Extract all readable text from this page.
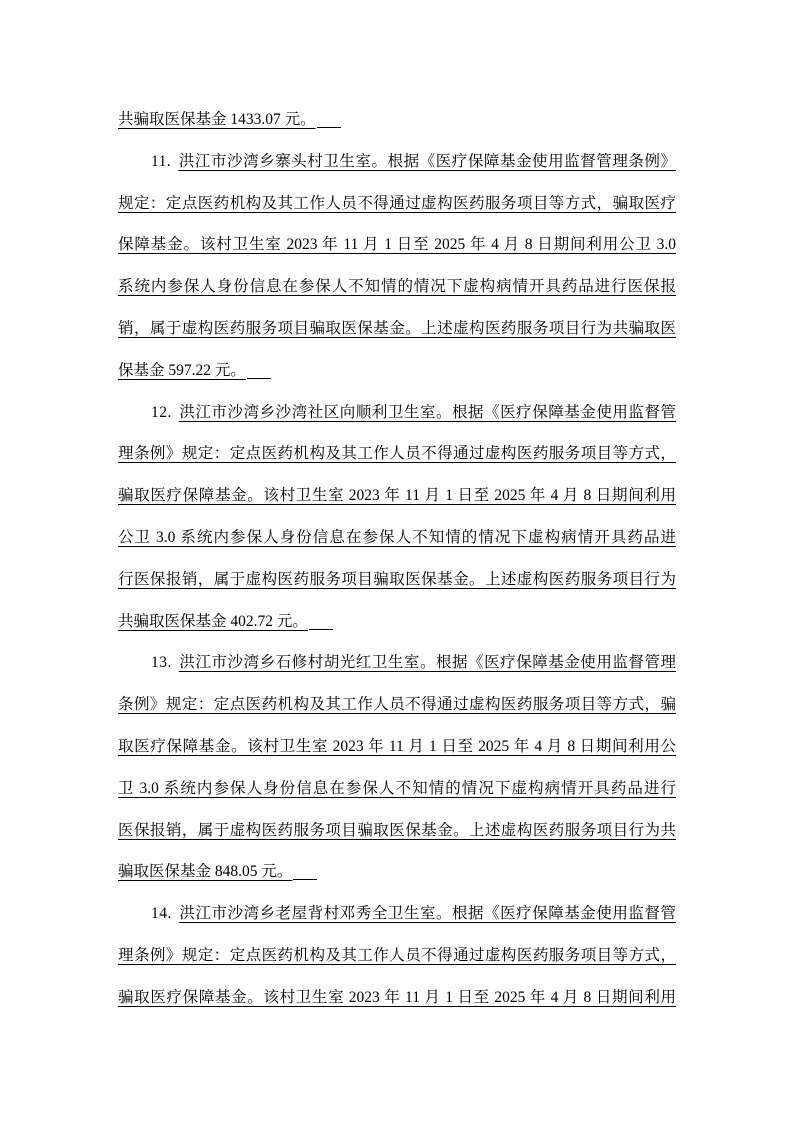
共骗取医保基金 1433.07 元。
11. 洪江市沙湾乡寨头村卫生室。根据《医疗保障基金使用监督管理条例》
规定：定点医药机构及其工作人员不得通过虚构医药服务项目等方式，骗取医疗
保障基金。该村卫生室 2023 年 11 月 1 日至 2025 年 4 月 8 日期间利用公卫 3.0
系统内参保人身份信息在参保人不知情的情况下虚构病情开具药品进行医保报
销，属于虚构医药服务项目骗取医保基金。上述虚构医药服务项目行为共骗取医
保基金 597.22 元。
12. 洪江市沙湾乡沙湾社区向顺利卫生室。根据《医疗保障基金使用监督管
理条例》规定：定点医药机构及其工作人员不得通过虚构医药服务项目等方式，
骗取医疗保障基金。该村卫生室 2023 年 11 月 1 日至 2025 年 4 月 8 日期间利用
公卫 3.0 系统内参保人身份信息在参保人不知情的情况下虚构病情开具药品进
行医保报销，属于虚构医药服务项目骗取医保基金。上述虚构医药服务项目行为
共骗取医保基金 402.72 元。
13. 洪江市沙湾乡石修村胡光红卫生室。根据《医疗保障基金使用监督管理
条例》规定：定点医药机构及其工作人员不得通过虚构医药服务项目等方式，骗
取医疗保障基金。该村卫生室 2023 年 11 月 1 日至 2025 年 4 月 8 日期间利用公
卫 3.0 系统内参保人身份信息在参保人不知情的情况下虚构病情开具药品进行
医保报销，属于虚构医药服务项目骗取医保基金。上述虚构医药服务项目行为共
骗取医保基金 848.05 元。
14. 洪江市沙湾乡老屋背村邓秀全卫生室。根据《医疗保障基金使用监督管
理条例》规定：定点医药机构及其工作人员不得通过虚构医药服务项目等方式，
骗取医疗保障基金。该村卫生室 2023 年 11 月 1 日至 2025 年 4 月 8 日期间利用
